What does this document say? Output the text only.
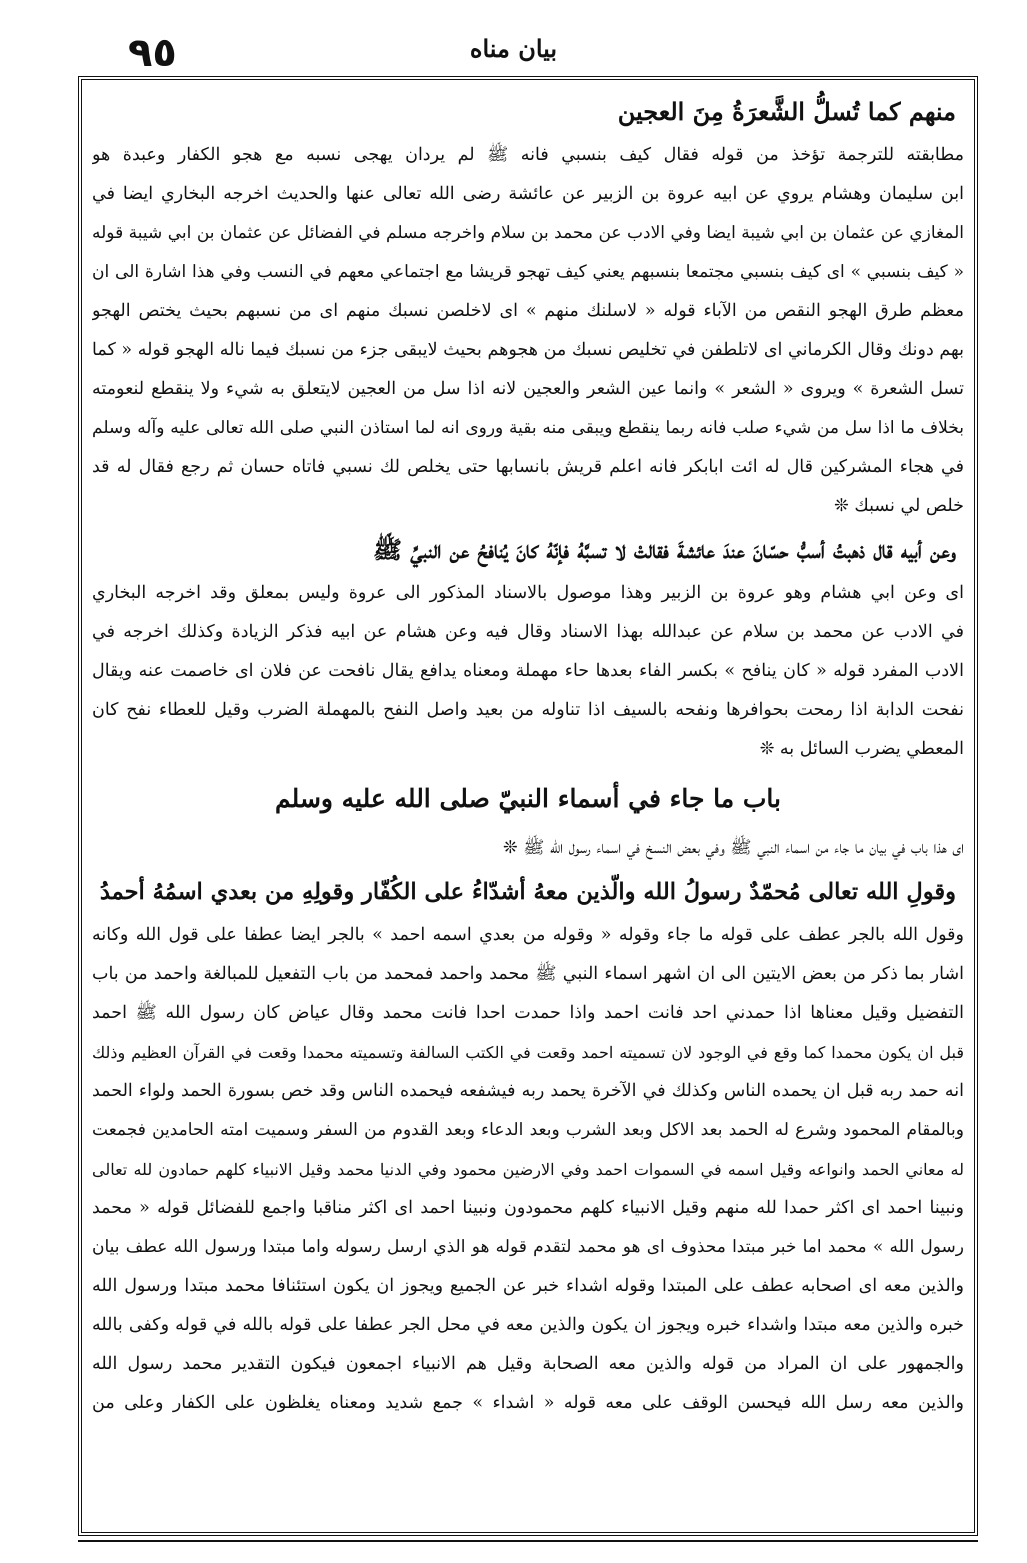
٩٥	بيان مناه
منهم كما تُسلُّ الشَّعرَةُ مِنَ العجين
مطابقته للترجمة تؤخذ من قوله فقال كيف بنسبي فانه ﷺ لم يردان يهجى نسبه مع هجو الكفار وعبدة هو
ابن سليمان وهشام يروي عن ابيه عروة بن الزبير عن عائشة رضى الله تعالى عنها والحديث اخرجه البخاري ايضا في
المغازي عن عثمان بن ابي شيبة ايضا وفي الادب عن محمد بن سلام واخرجه مسلم في الفضائل عن عثمان بن ابي شيبة قوله
« كيف بنسبي » اى كيف بنسبي مجتمعا بنسبهم يعني كيف تهجو قريشا مع اجتماعي معهم في النسب وفي هذا اشارة الى ان
معظم طرق الهجو النقص من الآباء قوله « لاسلنك منهم » اى لاخلصن نسبك منهم اى من نسبهم بحيث يختص الهجو
بهم دونك وقال الكرماني اى لاتلطفن في تخليص نسبك من هجوهم بحيث لايبقى جزء من نسبك فيما ناله الهجو قوله « كما
تسل الشعرة » ويروى « الشعر » وانما عين الشعر والعجين لانه اذا سل من العجين لايتعلق به شيء ولا ينقطع لنعومته
بخلاف ما اذا سل من شيء صلب فانه ربما ينقطع ويبقى منه بقية وروى انه لما استاذن النبي صلى الله تعالى عليه وآله وسلم
في هجاء المشركين قال له ائت ابابكر فانه اعلم قريش بانسابها حتى يخلص لك نسبي فاتاه حسان ثم رجع فقال له قد
خلص لي نسبك ❊
وعن أبيه قال ذهبتُ أسبُّ حسّانَ عندَ عائشةَ فقالتْ لا تسبَّهُ فإنّهُ كانَ يُنافحُ عن النبيِّ ﷺ
اى وعن ابي هشام وهو عروة بن الزبير وهذا موصول بالاسناد المذكور الى عروة وليس بمعلق وقد اخرجه البخاري
في الادب عن محمد بن سلام عن عبدالله بهذا الاسناد وقال فيه وعن هشام عن ابيه فذكر الزيادة وكذلك اخرجه في
الادب المفرد قوله « كان ينافح » بكسر الفاء بعدها حاء مهملة ومعناه يدافع يقال نافحت عن فلان اى خاصمت عنه ويقال
نفحت الدابة اذا رمحت بحوافرها ونفحه بالسيف اذا تناوله من بعيد واصل النفح بالمهملة الضرب وقيل للعطاء نفح كان
المعطي يضرب السائل به ❊
باب ما جاء في أسماء النبيّ صلى الله عليه وسلم
اى هذا باب في بيان ما جاء من اسماء النبي ﷺ وفي بعض النسخ في اسماء رسول الله ﷺ ❊
وقولِ الله تعالى مُحمّدٌ رسولُ الله والّذين معهُ أشدّاءُ على الكُفّار وقولِهِ من بعدي اسمُهُ أحمدُ
وقول الله بالجر عطف على قوله ما جاء وقوله « وقوله من بعدي اسمه احمد » بالجر ايضا عطفا على قول الله وكانه
اشار بما ذكر من بعض الايتين الى ان اشهر اسماء النبي ﷺ محمد واحمد فمحمد من باب التفعيل للمبالغة واحمد من باب
التفضيل وقيل معناها اذا حمدني احد فانت احمد واذا حمدت احدا فانت محمد وقال عياض كان رسول الله ﷺ احمد
قبل ان يكون محمدا كما وقع في الوجود لان تسميته احمد وقعت في الكتب السالفة وتسميته محمدا وقعت في القرآن العظيم وذلك
انه حمد ربه قبل ان يحمده الناس وكذلك في الآخرة يحمد ربه فيشفعه فيحمده الناس وقد خص بسورة الحمد ولواء الحمد
وبالمقام المحمود وشرع له الحمد بعد الاكل وبعد الشرب وبعد الدعاء وبعد القدوم من السفر وسميت امته الحامدين فجمعت
له معاني الحمد وانواعه وقيل اسمه في السموات احمد وفي الارضين محمود وفي الدنيا محمد وقيل الانبياء كلهم حمادون لله تعالى
ونبينا احمد اى اكثر حمدا لله منهم وقيل الانبياء كلهم محمودون ونبينا احمد اى اكثر مناقبا واجمع للفضائل قوله « محمد
رسول الله » محمد اما خبر مبتدا محذوف اى هو محمد لتقدم قوله هو الذي ارسل رسوله واما مبتدا ورسول الله عطف بيان
والذين معه اى اصحابه عطف على المبتدا وقوله اشداء خبر عن الجميع ويجوز ان يكون استئنافا محمد مبتدا ورسول الله
خبره والذين معه مبتدا واشداء خبره ويجوز ان يكون والذين معه في محل الجر عطفا على قوله بالله في قوله وكفى بالله
والجمهور على ان المراد من قوله والذين معه الصحابة وقيل هم الانبياء اجمعون فيكون التقدير محمد رسول الله
والذين معه رسل الله فيحسن الوقف على معه قوله « اشداء » جمع شديد ومعناه يغلظون على الكفار وعلى من
